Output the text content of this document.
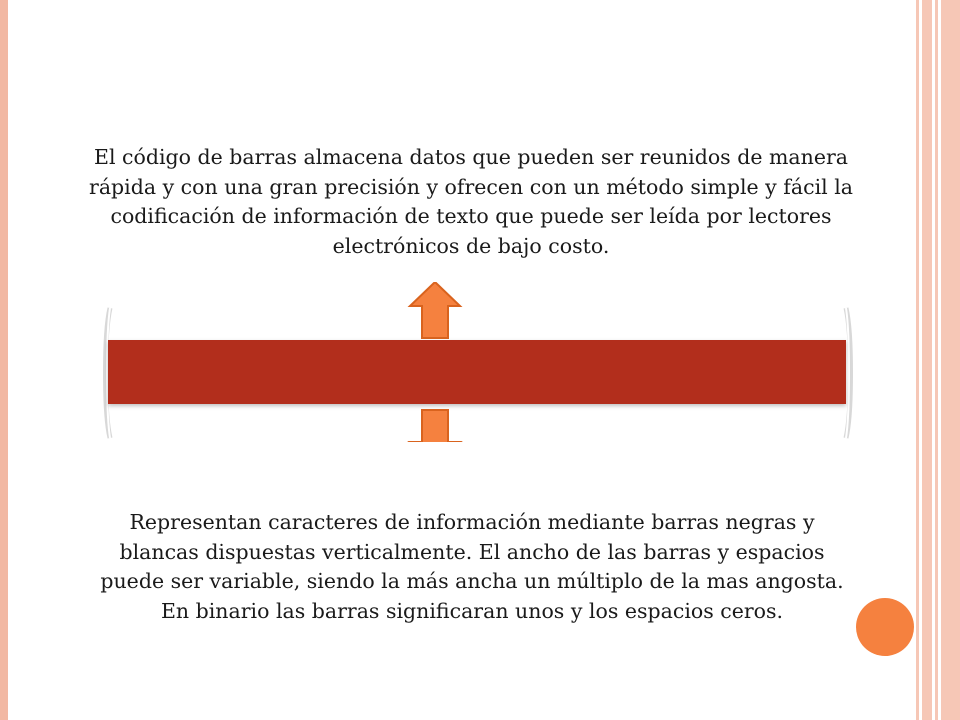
El código de barras almacena datos que pueden ser reunidos de manera rápida y con una gran precisión y ofrecen con un método simple y fácil la codificación de información de texto que puede ser leída por lectores electrónicos de bajo costo.
Representan caracteres de información mediante barras negras y blancas dispuestas verticalmente. El ancho de las barras y espacios puede ser variable, siendo la más ancha un múltiplo de la mas angosta. En binario las barras significaran unos y los espacios ceros.
